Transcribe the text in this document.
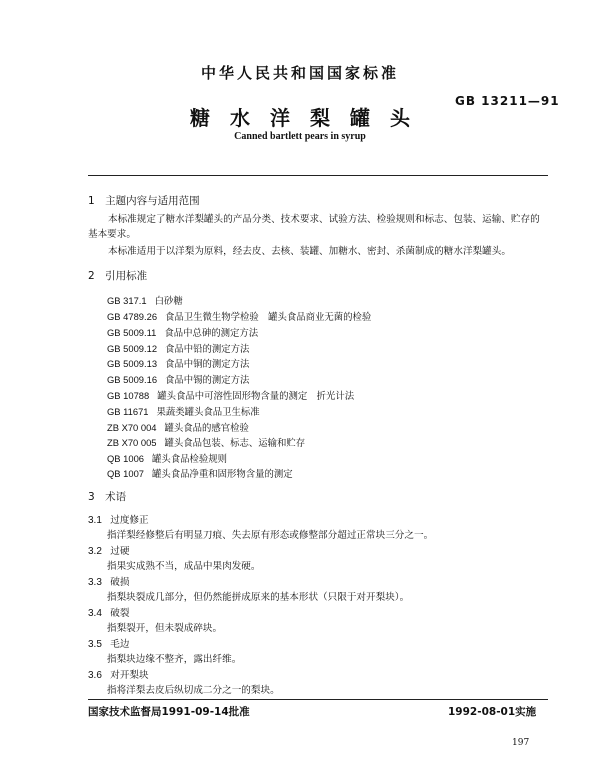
中华人民共和国国家标准
GB 13211—91
糖水洋梨罐头
Canned bartlett pears in syrup
1　主题内容与适用范围
本标准规定了糖水洋梨罐头的产品分类、技术要求、试验方法、检验规则和标志、包装、运输、贮存的基本要求。
本标准适用于以洋梨为原料，经去皮、去核、装罐、加糖水、密封、杀菌制成的糖水洋梨罐头。
2　引用标准
GB 317.1 白砂糖
GB 4789.26 食品卫生微生物学检验　罐头食品商业无菌的检验
GB 5009.11 食品中总砷的测定方法
GB 5009.12 食品中铅的测定方法
GB 5009.13 食品中铜的测定方法
GB 5009.16 食品中锡的测定方法
GB 10788 罐头食品中可溶性固形物含量的测定　折光计法
GB 11671 果蔬类罐头食品卫生标准
ZB X70 004 罐头食品的感官检验
ZB X70 005 罐头食品包装、标志、运输和贮存
QB 1006 罐头食品检验规则
QB 1007 罐头食品净重和固形物含量的测定
3　术语
3.1 过度修正
指洋梨经修整后有明显刀痕、失去原有形态或修整部分超过正常块三分之一。
3.2 过硬
指果实成熟不当，成品中果肉发硬。
3.3 破损
指梨块裂成几部分，但仍然能拼成原来的基本形状（只限于对开梨块）。
3.4 破裂
指梨裂开，但未裂成碎块。
3.5 毛边
指梨块边缘不整齐，露出纤维。
3.6 对开梨块
指将洋梨去皮后纵切成二分之一的梨块。
国家技术监督局1991-09-14批准	1992-08-01实施
197
